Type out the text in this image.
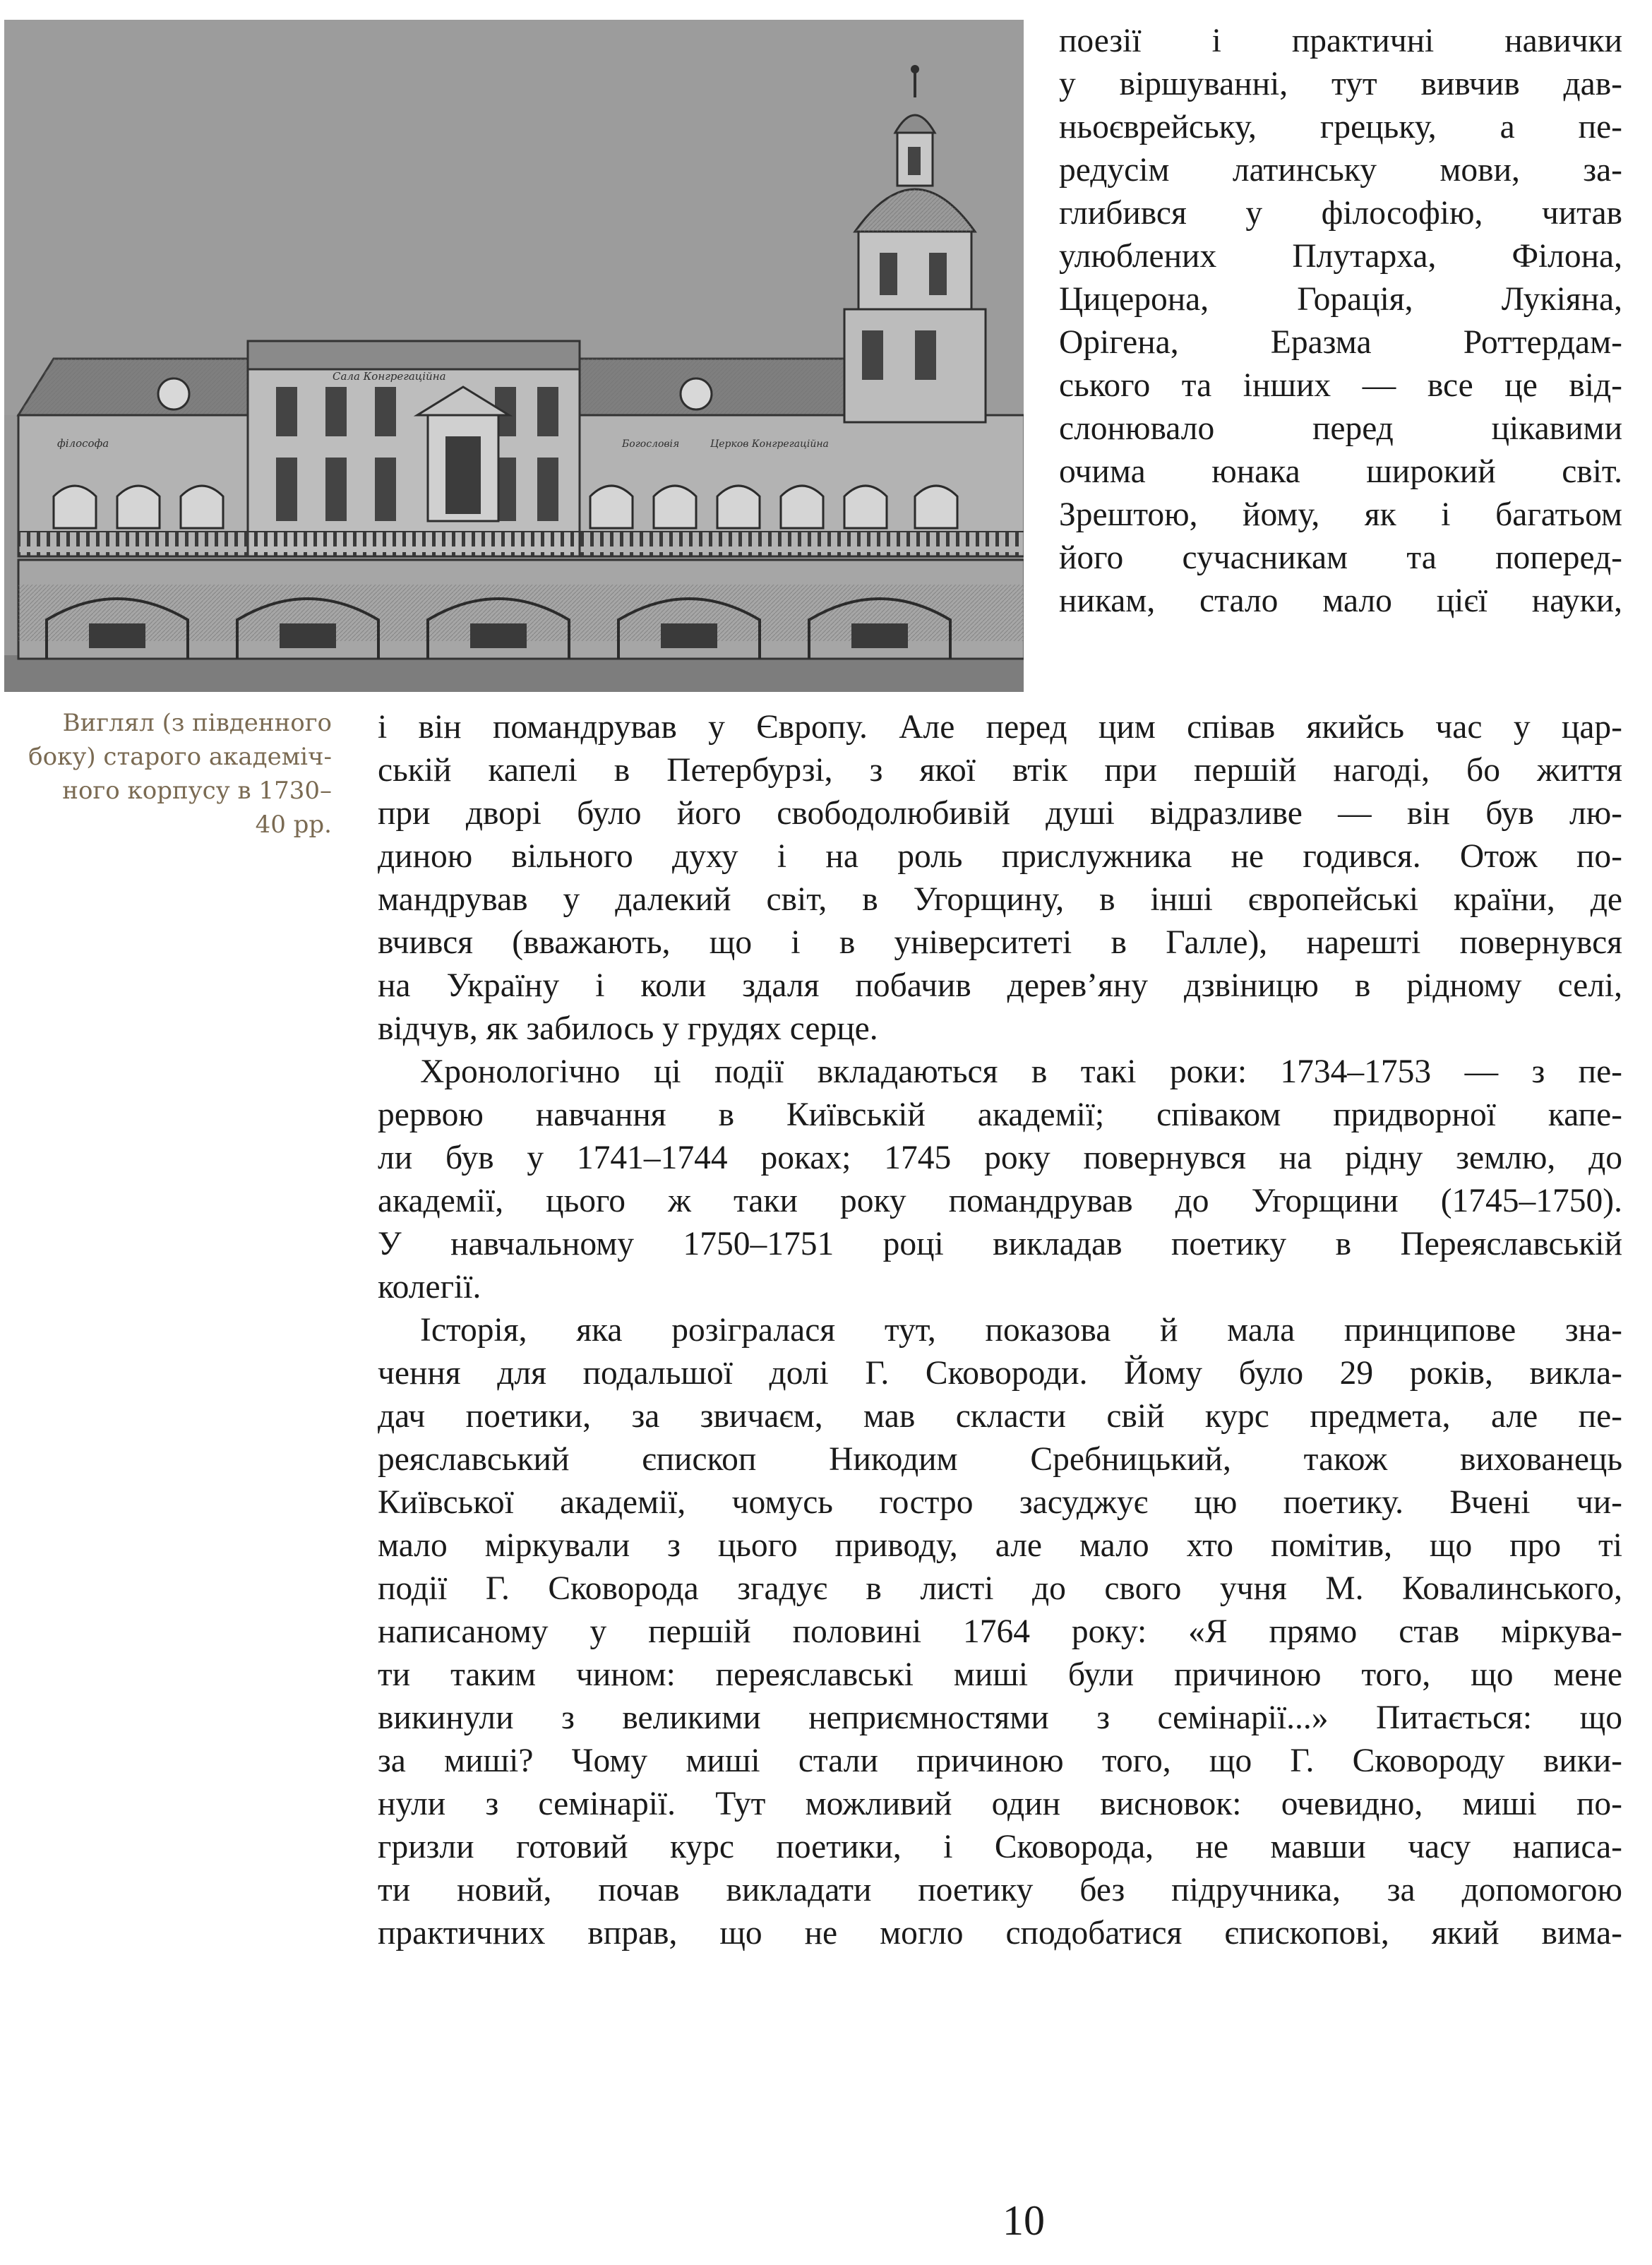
філософа
Сала Конгрегаційна
Богословія	Церков Конгрегаційна
Виглял (з південного
боку) старого академіч-
ного корпусу в 1730–
40 рр.
поезії і практичні навички
у віршуванні, тут вивчив дав-
ньоєврейську, грецьку, а пе-
редусім латинську мови, за-
глибився у філософію, читав
улюблених Плутарха, Філона,
Цицерона, Горація, Лукіяна,
Орігена, Еразма Роттердам-
ського та інших — все це від-
слонювало перед цікавими
очима юнака широкий світ.
Зрештою, йому, як і багатьом
його сучасникам та поперед-
никам, стало мало цієї науки,

і він помандрував у Європу. Але перед цим співав якийсь час у цар-
ській капелі в Петербурзі, з якої втік при першій нагоді, бо життя
при дворі було його свободолюбивій душі відразливе — він був лю-
диною вільного духу і на роль прислужника не годився. Отож по-
мандрував у далекий світ, в Угорщину, в інші європейські країни, де
вчився (вважають, що і в університеті в Галле), нарешті повернувся
на Україну і коли здаля побачив дерев’яну дзвіницю в рідному селі,
відчув, як забилось у грудях серце.

Хронологічно ці події вкладаються в такі роки: 1734–1753 — з пе-
рервою навчання в Київській академії; співаком придворної капе-
ли був у 1741–1744 роках; 1745 року повернувся на рідну землю, до
академії, цього ж таки року помандрував до Угорщини (1745–1750).
У навчальному 1750–1751 році викладав поетику в Переяславській
колегії.

Історія, яка розігралася тут, показова й мала принципове зна-
чення для подальшої долі Г. Сковороди. Йому було 29 років, викла-
дач поетики, за звичаєм, мав скласти свій курс предмета, але пе-
реяславський єпископ Никодим Сребницький, також вихованець
Київської академії, чомусь гостро засуджує цю поетику. Вчені чи-
мало міркували з цього приводу, але мало хто помітив, що про ті
події Г. Сковорода згадує в листі до свого учня М. Ковалинського,
написаному у першій половині 1764 року: «Я прямо став міркува-
ти таким чином: переяславські миші були причиною того, що мене
викинули з великими неприємностями з семінарії...» Питається: що
за миші? Чому миші стали причиною того, що Г. Сковороду вики-
нули з семінарії. Тут можливий один висновок: очевидно, миші по-
гризли готовий курс поетики, і Сковорода, не мавши часу написа-
ти новий, почав викладати поетику без підручника, за допомогою
практичних вправ, що не могло сподобатися єпископові, який вима-

10
